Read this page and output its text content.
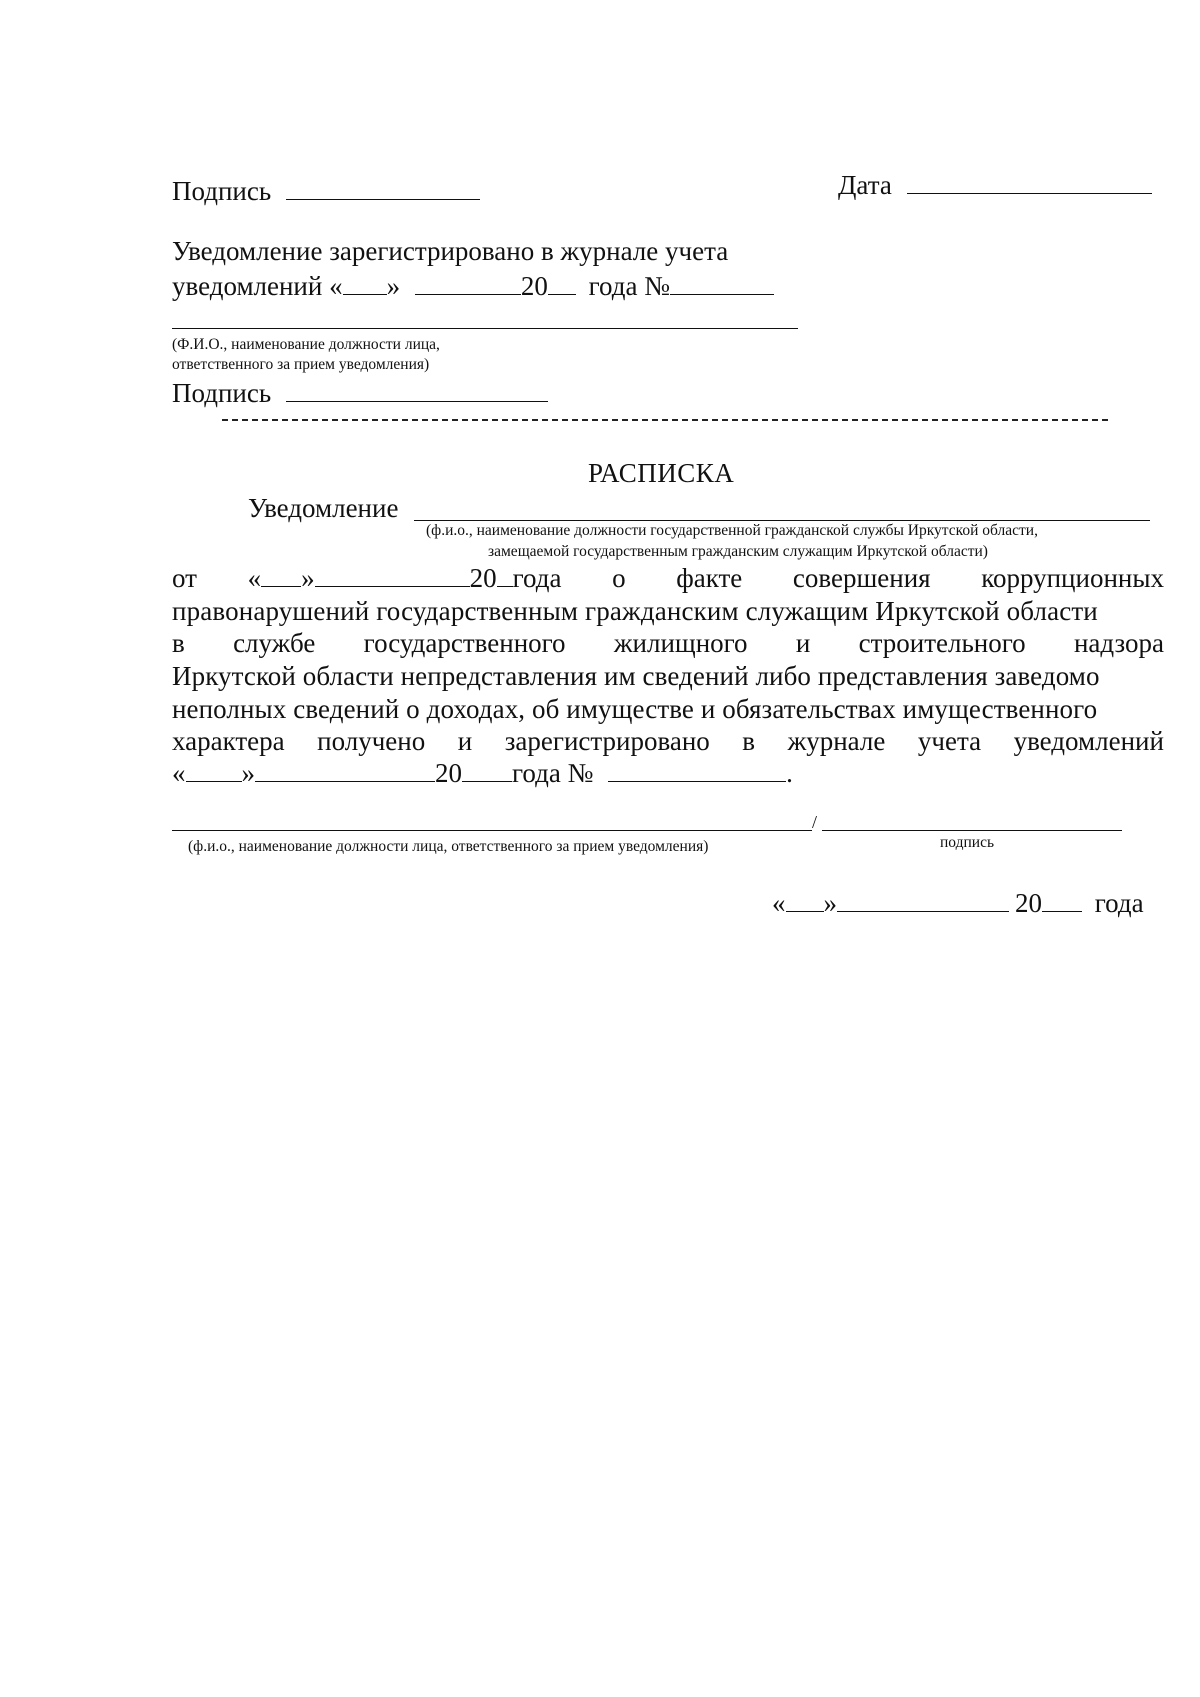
Подпись	Дата
Уведомление зарегистрировано в журнале учета
уведомлений « »	20 года №
(Ф.И.О., наименование должности лица,
ответственного за прием уведомления)
Подпись
РАСПИСКА
Уведомление
(ф.и.о., наименование должности государственной гражданской службы Иркутской области,
замещаемой государственным гражданским служащим Иркутской области)
от « »	20 года о факте совершения коррупционных
правонарушений государственным гражданским служащим Иркутской области
в службе государственного жилищного и строительного надзора
Иркутской области непредставления им сведений либо представления заведомо
неполных сведений о доходах, об имуществе и обязательствах имущественного
характера получено и зарегистрировано в журнале учета уведомлений
« »	20 года №	.
/
(ф.и.о., наименование должности лица, ответственного за прием уведомления)	подпись
« »	20 года
